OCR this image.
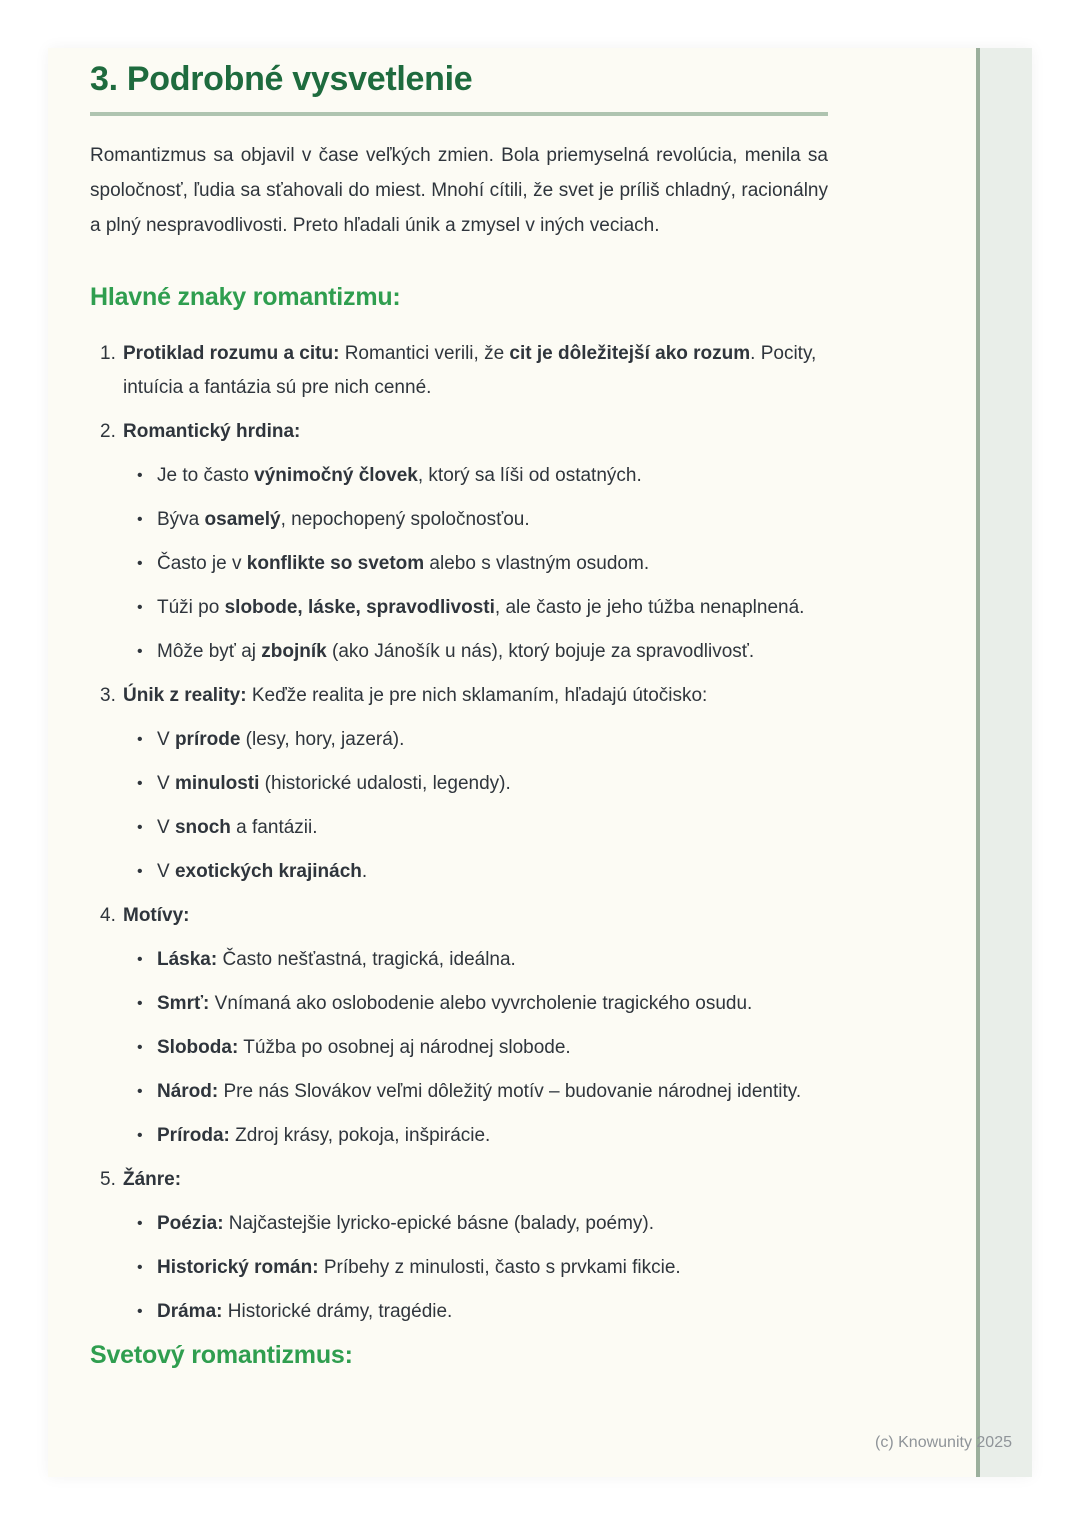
3. Podrobné vysvetlenie

Romantizmus sa objavil v čase veľkých zmien. Bola priemyselná revolúcia, menila sa spoločnosť, ľudia sa sťahovali do miest. Mnohí cítili, že svet je príliš chladný, racionálny a plný nespravodlivosti. Preto hľadali únik a zmysel v iných veciach.

Hlavné znaky romantizmu:
1. Protiklad rozumu a citu: Romantici verili, že cit je dôležitejší ako rozum. Pocity, intuícia a fantázia sú pre nich cenné.
2. Romantický hrdina:
• Je to často výnimočný človek, ktorý sa líši od ostatných.
• Býva osamelý, nepochopený spoločnosťou.
• Často je v konflikte so svetom alebo s vlastným osudom.
• Túži po slobode, láske, spravodlivosti, ale často je jeho túžba nenaplnená.
• Môže byť aj zbojník (ako Jánošík u nás), ktorý bojuje za spravodlivosť.
3. Únik z reality: Keďže realita je pre nich sklamaním, hľadajú útočisko:
• V prírode (lesy, hory, jazerá).
• V minulosti (historické udalosti, legendy).
• V snoch a fantázii.
• V exotických krajinách.
4. Motívy:
• Láska: Často nešťastná, tragická, ideálna.
• Smrť: Vnímaná ako oslobodenie alebo vyvrcholenie tragického osudu.
• Sloboda: Túžba po osobnej aj národnej slobode.
• Národ: Pre nás Slovákov veľmi dôležitý motív – budovanie národnej identity.
• Príroda: Zdroj krásy, pokoja, inšpirácie.
5. Žánre:
• Poézia: Najčastejšie lyricko-epické básne (balady, poémy).
• Historický román: Príbehy z minulosti, často s prvkami fikcie.
• Dráma: Historické drámy, tragédie.
Svetový romantizmus:
(c) Knowunity 2025
